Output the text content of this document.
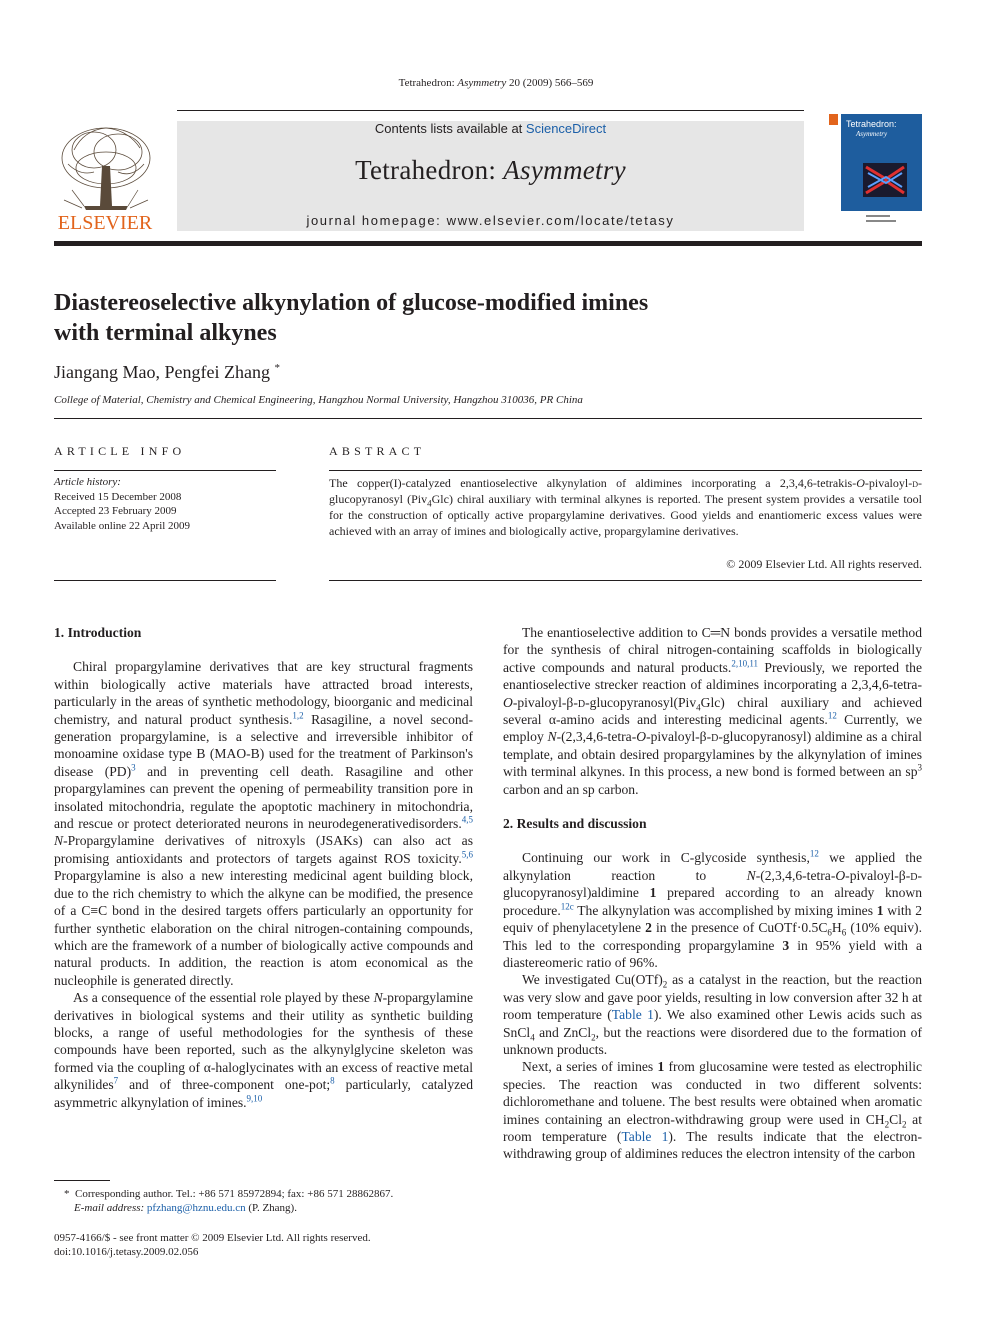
Tetrahedron: Asymmetry 20 (2009) 566–569
ELSEVIER
Contents lists available at ScienceDirect
Tetrahedron: Asymmetry
journal homepage: www.elsevier.com/locate/tetasy
Tetrahedron:
Asymmetry
Diastereoselective alkynylation of glucose-modified imines
with terminal alkynes
Jiangang Mao, Pengfei Zhang *
College of Material, Chemistry and Chemical Engineering, Hangzhou Normal University, Hangzhou 310036, PR China
ARTICLE INFO
Article history:
Received 15 December 2008
Accepted 23 February 2009
Available online 22 April 2009
ABSTRACT
The copper(I)-catalyzed enantioselective alkynylation of aldimines incorporating a 2,3,4,6-tetrakis-O-pivaloyl-d-glucopyranosyl (Piv$_4$Glc) chiral auxiliary with terminal alkynes is reported. The present system provides a versatile tool for the construction of optically active propargylamine derivatives. Good yields and enantiomeric excess values were achieved with an array of imines and biologically active, propargylamine derivatives.
© 2009 Elsevier Ltd. All rights reserved.
1. Introduction

Chiral propargylamine derivatives that are key structural fragments within biologically active materials have attracted broad interests, particularly in the areas of synthetic methodology, bioorganic and medicinal chemistry, and natural product synthesis.$^{1,2}$ Rasagiline, a novel second-generation propargylamine, is a selective and irreversible inhibitor of monoamine oxidase type B (MAO-B) used for the treatment of Parkinson's disease (PD)$^3$ and in preventing cell death. Rasagiline and other propargylamines can prevent the opening of permeability transition pore in insolated mitochondria, regulate the apoptotic machinery in mitochondria, and rescue or protect deteriorated neurons in neurodegenerativedisorders.$^{4,5}$ N-Propargylamine derivatives of nitroxyls (JSAKs) can also act as promising antioxidants and protectors of targets against ROS toxicity.$^{5,6}$ Propargylamine is also a new interesting medicinal agent building block, due to the rich chemistry to which the alkyne can be modified, the presence of a C≡C bond in the desired targets offers particularly an opportunity for further synthetic elaboration on the chiral nitrogen-containing compounds, which are the framework of a number of biologically active compounds and natural products. In addition, the reaction is atom economical as the nucleophile is generated directly.

As a consequence of the essential role played by these N-propargylamine derivatives in biological systems and their utility as synthetic building blocks, a range of useful methodologies for the synthesis of these compounds have been reported, such as the alkynylglycine skeleton was formed via the coupling of α-haloglycinates with an excess of reactive metal alkynilides$^7$ and of three-component one-pot;$^8$ particularly, catalyzed asymmetric alkynylation of imines.$^{9,10}$

The enantioselective addition to C═N bonds provides a versatile method for the synthesis of chiral nitrogen-containing scaffolds in biologically active compounds and natural products.$^{2,10,11}$ Previously, we reported the enantioselective strecker reaction of aldimines incorporating a 2,3,4,6-tetra-O-pivaloyl-β-d-glucopyranosyl(Piv$_4$Glc) chiral auxiliary and achieved several α-amino acids and interesting medicinal agents.$^{12}$ Currently, we employ N-(2,3,4,6-tetra-O-pivaloyl-β-d-glucopyranosyl) aldimine as a chiral template, and obtain desired propargylamines by the alkynylation of imines with terminal alkynes. In this process, a new bond is formed between an $sp^3$ carbon and an sp carbon.

2. Results and discussion

Continuing our work in C-glycoside synthesis,$^{12}$ we applied the alkynylation reaction to N-(2,3,4,6-tetra-O-pivaloyl-β-d-glucopyranosyl)aldimine 1 prepared according to an already known procedure.$^{12c}$ The alkynylation was accomplished by mixing imines 1 with 2 equiv of phenylacetylene 2 in the presence of $CuOTf\cdot 0.5C_6H_6$ (10% equiv). This led to the corresponding propargylamine 3 in 95% yield with a diastereomeric ratio of 96%.

We investigated $Cu(OTf)_2$ as a catalyst in the reaction, but the reaction was very slow and gave poor yields, resulting in low conversion after 32 h at room temperature (Table 1). We also examined other Lewis acids such as SnCl$_4$ and ZnCl$_2$, but the reactions were disordered due to the formation of unknown products.

Next, a series of imines 1 from glucosamine were tested as electrophilic species. The reaction was conducted in two different solvents: dichloromethane and toluene. The best results were obtained when aromatic imines containing an electron-withdrawing group were used in $CH_2Cl_2$ at room temperature (Table 1). The results indicate that the electron-withdrawing group of aldimines reduces the electron intensity of the carbon

* Corresponding author. Tel.: +86 571 85972894; fax: +86 571 28862867.
E-mail address: pfzhang@hznu.edu.cn (P. Zhang).
0957-4166/$ - see front matter © 2009 Elsevier Ltd. All rights reserved.
doi:10.1016/j.tetasy.2009.02.056
